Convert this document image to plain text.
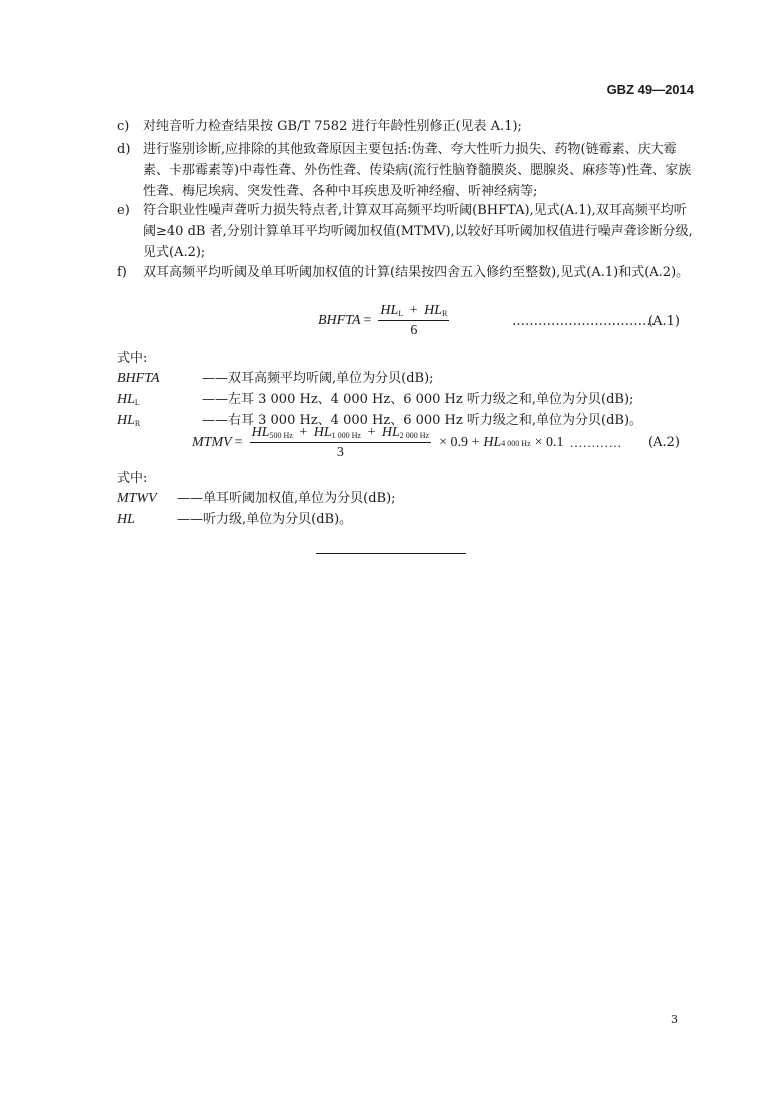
GBZ 49—2014
c) 对纯音听力检查结果按 GB/T 7582 进行年龄性别修正(见表 A.1);
d) 进行鉴别诊断,应排除的其他致聋原因主要包括:伪聋、夸大性听力损失、药物(链霉素、庆大霉素、卡那霉素等)中毒性聋、外伤性聋、传染病(流行性脑脊髓膜炎、腮腺炎、麻疹等)性聋、家族性聋、梅尼埃病、突发性聋、各种中耳疾患及听神经瘤、听神经病等;
e) 符合职业性噪声聋听力损失特点者,计算双耳高频平均听阈(BHFTA),见式(A.1),双耳高频平均听阈≥40 dB 者,分别计算单耳平均听阈加权值(MTMV),以较好耳听阈加权值进行噪声聋诊断分级,见式(A.2);
f) 双耳高频平均听阈及单耳听阈加权值的计算(结果按四舍五入修约至整数),见式(A.1)和式(A.2)。
BHFTA = $\frac{HL_L + HL_R}{6}$	……………………………
(A.1)
式中:
BHFTA	——双耳高频平均听阈,单位为分贝(dB);
$HL_L$	——左耳 3 000 Hz、4 000 Hz、6 000 Hz 听力级之和,单位为分贝(dB);
$HL_R$	——右耳 3 000 Hz、4 000 Hz、6 000 Hz 听力级之和,单位为分贝(dB)。
MTMV = $\frac{HL_{500 Hz} + HL_{1 000 Hz} + HL_{2 000 Hz}}{3} \times 0.9$ + HL 4 000 Hz × 0.1 ………… (A.2)
式中:
MTWV ——单耳听阈加权值,单位为分贝(dB);
HL	——听力级,单位为分贝(dB)。
3
